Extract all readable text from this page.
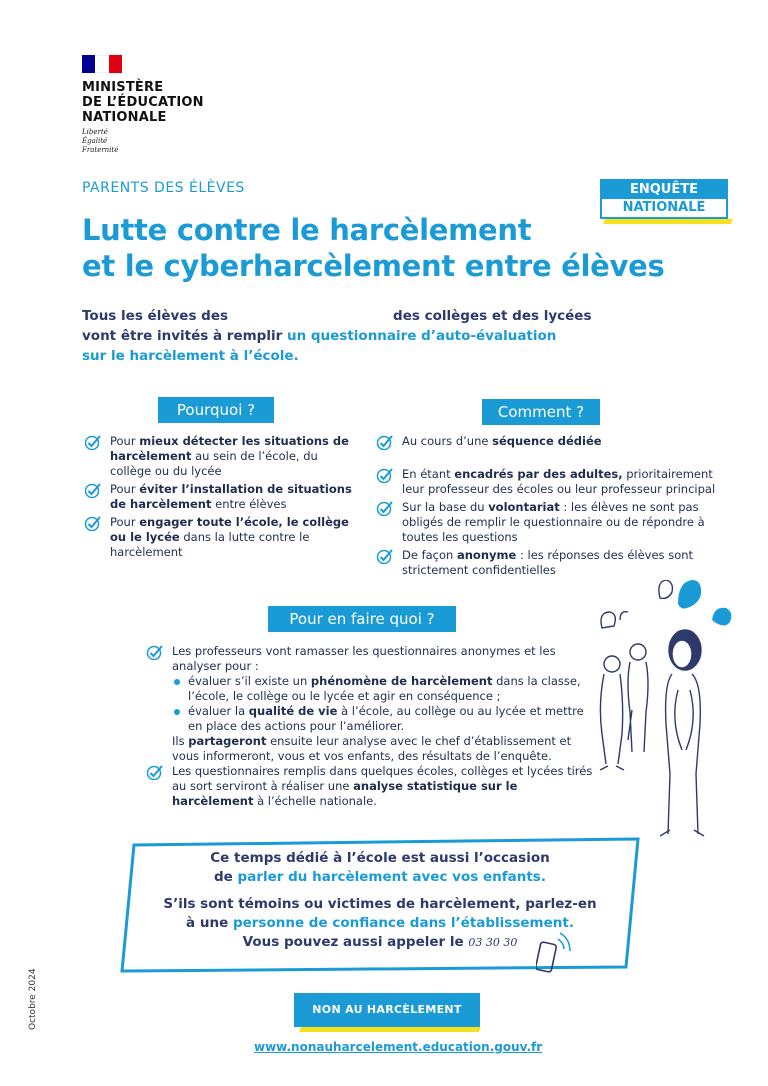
MINISTÈRE
DE L’ÉDUCATION
NATIONALE
Liberté
Égalité
Fraternité
PARENTS DES ÉLÈVES	ENQUÊTE
NATIONALE
Lutte contre le harcèlement
et le cyberharcèlement entre élèves
Tous les élèves des	des collèges et des lycées
vont être invités à remplir un questionnaire d’auto-évaluation
sur le harcèlement à l’école.
Pourquoi ?
Pour mieux détecter les situations de harcèlement au sein de l’école, du collège ou du lycée
Pour éviter l’installation de situations de harcèlement entre élèves
Pour engager toute l’école, le collège ou le lycée dans la lutte contre le harcèlement
Comment ?
Au cours d’une séquence dédiée
En étant encadrés par des adultes, prioritairement leur professeur des écoles ou leur professeur principal
Sur la base du volontariat : les élèves ne sont pas obligés de remplir le questionnaire ou de répondre à toutes les questions
De façon anonyme : les réponses des élèves sont strictement confidentielles
Pour en faire quoi ?
Les professeurs vont ramasser les questionnaires anonymes et les analyser pour :
évaluer s’il existe un phénomène de harcèlement dans la classe, l’école, le collège ou le lycée et agir en conséquence ;
évaluer la qualité de vie à l’école, au collège ou au lycée et mettre en place des actions pour l’améliorer.
Ils partageront ensuite leur analyse avec le chef d’établissement et vous informeront, vous et vos enfants, des résultats de l’enquête.
Les questionnaires remplis dans quelques écoles, collèges et lycées tirés au sort serviront à réaliser une analyse statistique sur le harcèlement à l’échelle nationale.
Ce temps dédié à l’école est aussi l’occasion
de parler du harcèlement avec vos enfants.
S’ils sont témoins ou victimes de harcèlement, parlez-en
à une personne de confiance dans l’établissement.
Vous pouvez aussi appeler le 03 30 30
NON AU HARCÈLEMENT
www.nonauharcelement.education.gouv.fr
Octobre 2024
